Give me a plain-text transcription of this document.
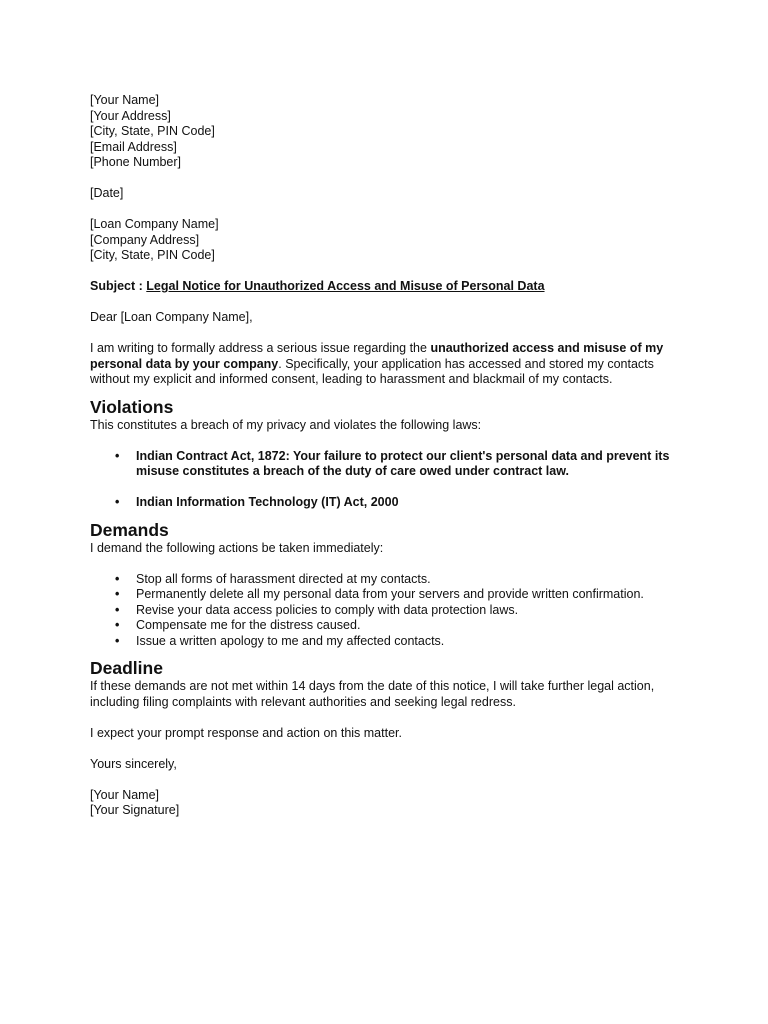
[Your Name]
[Your Address]
[City, State, PIN Code]
[Email Address]
[Phone Number]
[Date]
[Loan Company Name]
[Company Address]
[City, State, PIN Code]
Subject : Legal Notice for Unauthorized Access and Misuse of Personal Data
Dear [Loan Company Name],

I am writing to formally address a serious issue regarding the unauthorized access and misuse of my personal data by your company. Specifically, your application has accessed and stored my contacts without my explicit and informed consent, leading to harassment and blackmail of my contacts.

Violations

This constitutes a breach of my privacy and violates the following laws:

• Indian Contract Act, 1872: Your failure to protect our client's personal data and prevent its misuse constitutes a breach of the duty of care owed under contract law.
• Indian Information Technology (IT) Act, 2000
Demands

I demand the following actions be taken immediately:

• Stop all forms of harassment directed at my contacts.
• Permanently delete all my personal data from your servers and provide written confirmation.
• Revise your data access policies to comply with data protection laws.
• Compensate me for the distress caused.
• Issue a written apology to me and my affected contacts.
Deadline

If these demands are not met within 14 days from the date of this notice, I will take further legal action, including filing complaints with relevant authorities and seeking legal redress.

I expect your prompt response and action on this matter.

Yours sincerely,

[Your Name]
[Your Signature]
